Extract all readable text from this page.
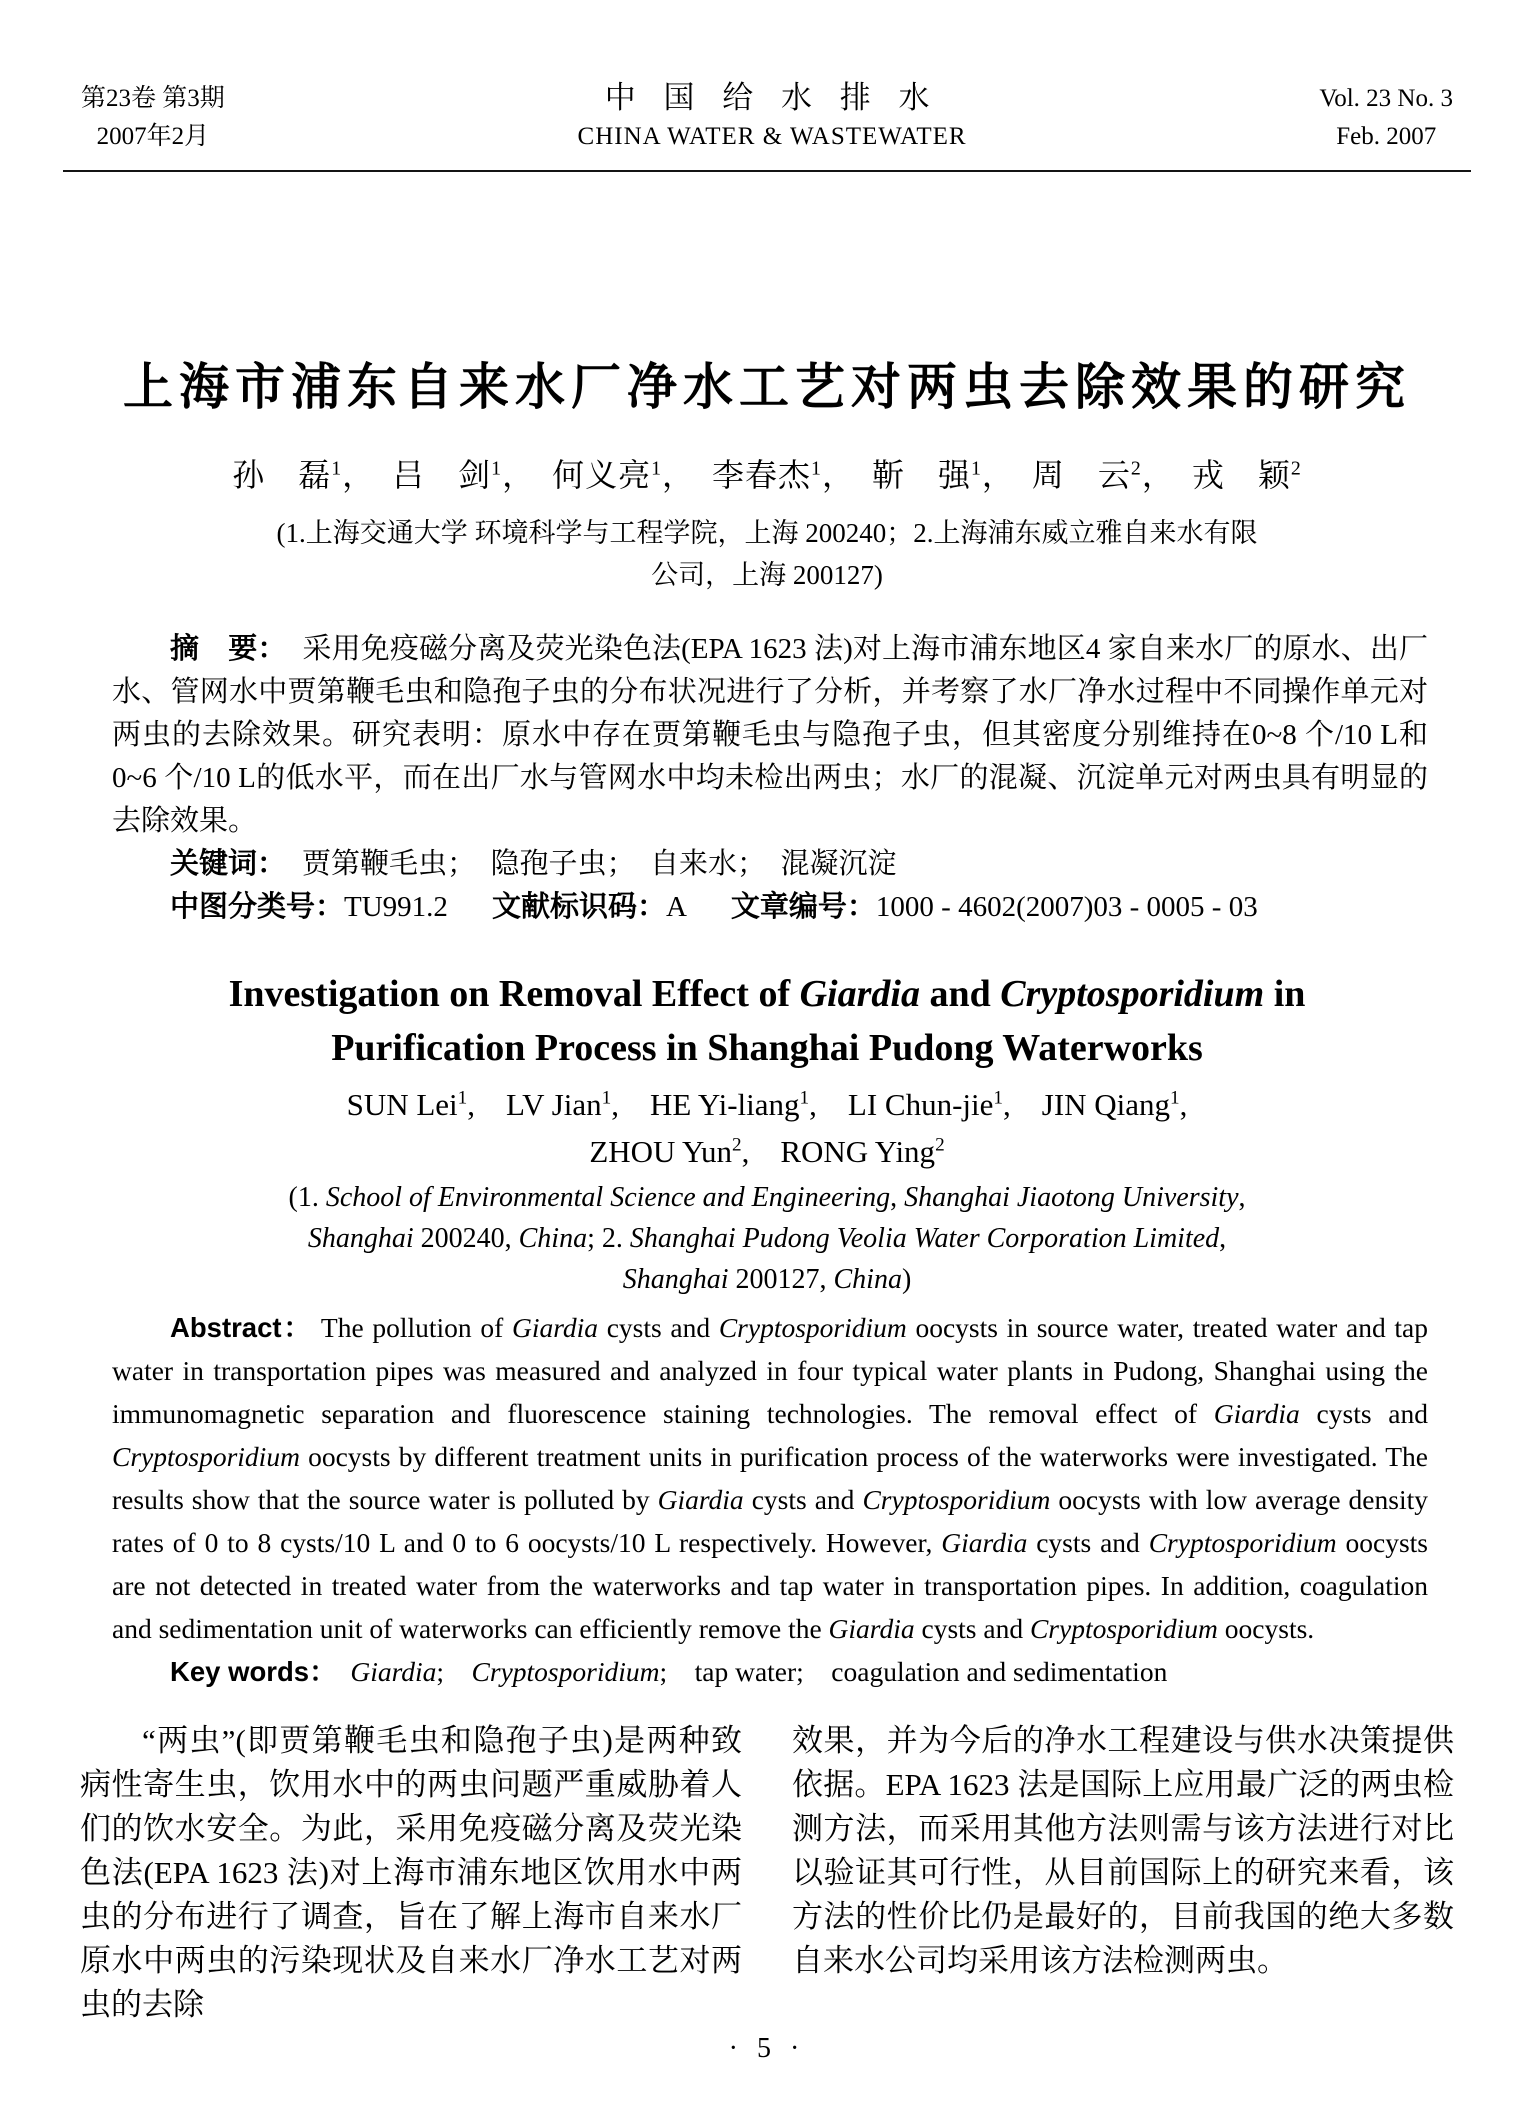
第23卷 第3期
2007年2月
中 国 给 水 排 水
CHINA WATER & WASTEWATER
Vol. 23 No. 3
Feb. 2007
上海市浦东自来水厂净水工艺对两虫去除效果的研究
孙　磊$^1$，　吕　剑$^1$，　何义亮$^1$，　李春杰$^1$，　靳　强$^1$，　周　云$^2$，　戎　颖$^2$
(1.上海交通大学 环境科学与工程学院，上海 200240；2.上海浦东威立雅自来水有限
公司，上海 200127)

摘　要： 采用免疫磁分离及荧光染色法(EPA 1623 法)对上海市浦东地区4 家自来水厂的原水、出厂水、管网水中贾第鞭毛虫和隐孢子虫的分布状况进行了分析，并考察了水厂净水过程中不同操作单元对两虫的去除效果。研究表明：原水中存在贾第鞭毛虫与隐孢子虫，但其密度分别维持在0~8 个/10 L和0~6 个/10 L的低水平，而在出厂水与管网水中均未检出两虫；水厂的混凝、沉淀单元对两虫具有明显的去除效果。

关键词： 贾第鞭毛虫；　隐孢子虫；　自来水；　混凝沉淀

中图分类号：TU991.2 文献标识码：A 文章编号：1000 - 4602(2007)03 - 0005 - 03

Investigation on Removal Effect of Giardia and Cryptosporidium in
Purification Process in Shanghai Pudong Waterworks
SUN Lei$^1$,　LV Jian$^1$,　HE Yi-liang$^1$,　LI Chun-jie$^1$,　JIN Qiang$^1$,
ZHOU Yun$^2$,　RONG Ying$^2$
(1. School of Environmental Science and Engineering, Shanghai Jiaotong University,
Shanghai 200240, China; 2. Shanghai Pudong Veolia Water Corporation Limited,
Shanghai 200127, China)

Abstract： The pollution of Giardia cysts and Cryptosporidium oocysts in source water, treated water and tap water in transportation pipes was measured and analyzed in four typical water plants in Pudong, Shanghai using the immunomagnetic separation and fluorescence staining technologies. The removal effect of Giardia cysts and Cryptosporidium oocysts by different treatment units in purification process of the waterworks were investigated. The results show that the source water is polluted by Giardia cysts and Cryptosporidium oocysts with low average density rates of 0 to 8 cysts/10 L and 0 to 6 oocysts/10 L respectively. However, Giardia cysts and Cryptosporidium oocysts are not detected in treated water from the waterworks and tap water in transportation pipes. In addition, coagulation and sedimentation unit of waterworks can efficiently remove the Giardia cysts and Cryptosporidium oocysts.

Key words：　 Giardia;　Cryptosporidium;　tap water;　coagulation and sedimentation

“两虫”(即贾第鞭毛虫和隐孢子虫)是两种致病性寄生虫，饮用水中的两虫问题严重威胁着人们的饮水安全。为此，采用免疫磁分离及荧光染色法(EPA 1623 法)对上海市浦东地区饮用水中两虫的分布进行了调查，旨在了解上海市自来水厂原水中两虫的污染现状及自来水厂净水工艺对两虫的去除

效果，并为今后的净水工程建设与供水决策提供依据。EPA 1623 法是国际上应用最广泛的两虫检测方法，而采用其他方法则需与该方法进行对比以验证其可行性，从目前国际上的研究来看，该方法的性价比仍是最好的，目前我国的绝大多数自来水公司均采用该方法检测两虫。

· 5 ·
